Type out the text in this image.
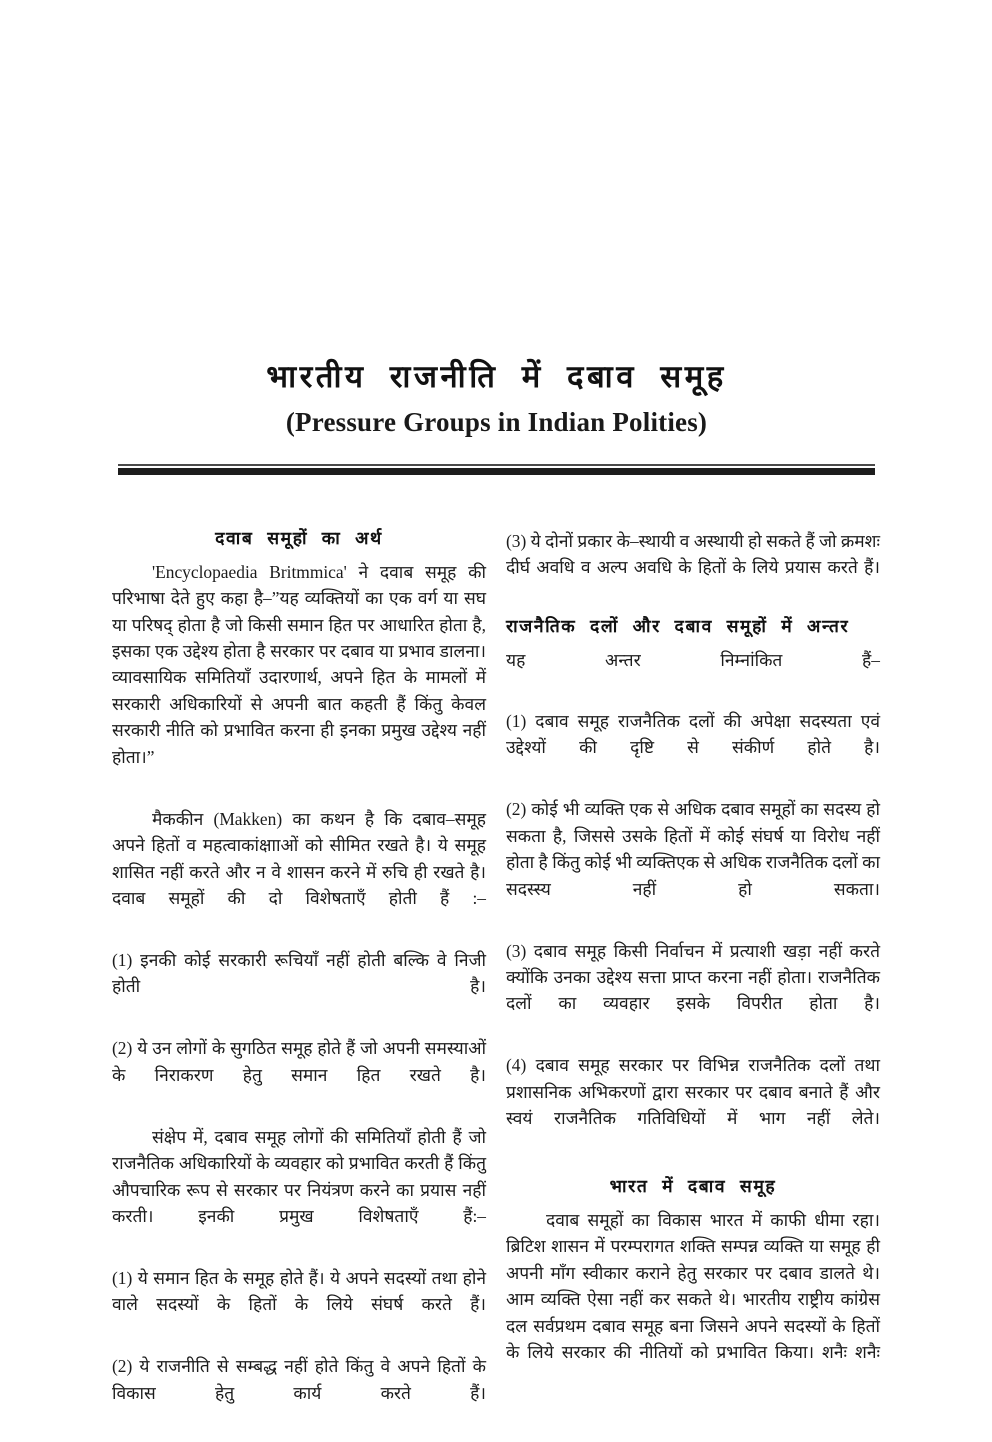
भारतीय राजनीति में दबाव समूह
(Pressure Groups in Indian Polities)
दवाब समूहों का अर्थ

'Encyclopaedia Britmmica' ने दवाब समूह की परिभाषा देते हुए कहा है–”यह व्यक्तियों का एक वर्ग या सघ या परिषद् होता है जो किसी समान हित पर आधारित होता है, इसका एक उद्देश्य होता है सरकार पर दबाव या प्रभाव डालना। व्यावसायिक समितियाँ उदारणार्थ, अपने हित के मामलों में सरकारी अधिकारियों से अपनी बात कहती हैं किंतु केवल सरकारी नीति को प्रभावित करना ही इनका प्रमुख उद्देश्य नहीं होता।”

मैककीन (Makken) का कथन है कि दबाव–समूह अपने हितों व महत्वाकांक्षााओं को सीमित रखते है। ये समूह शासित नहीं करते और न वे शासन करने में रुचि ही रखते है। दवाब समूहों की दो विशेषताएँ होती हैं :–

(1) इनकी कोई सरकारी रूचियाँ नहीं होती बल्कि वे निजी होती है।

(2) ये उन लोगों के सुगठित समूह होते हैं जो अपनी समस्याओं के निराकरण हेतु समान हित रखते है।

संक्षेप में, दबाव समूह लोगों की समितियाँ होती हैं जो राजनैतिक अधिकारियों के व्यवहार को प्रभावित करती हैं किंतु औपचारिक रूप से सरकार पर नियंत्रण करने का प्रयास नहीं करती। इनकी प्रमुख विशेषताएँ हैं:–

(1) ये समान हित के समूह होते हैं। ये अपने सदस्यों तथा होने वाले सदस्यों के हितों के लिये संघर्ष करते हैं।

(2) ये राजनीति से सम्बद्ध नहीं होते किंतु वे अपने हितों के विकास हेतु कार्य करते हैं।

(3) ये दोनों प्रकार के–स्थायी व अस्थायी हो सकते हैं जो क्रमशः दीर्घ अवधि व अल्प अवधि के हितों के लिये प्रयास करते हैं।

राजनैतिक दलों और दबाव समूहों में अन्तर

यह अन्तर निम्नांकित हैं–

(1) दबाव समूह राजनैतिक दलों की अपेक्षा सदस्यता एवं उद्देश्यों की दृष्टि से संकीर्ण होते है।

(2) कोई भी व्यक्ति एक से अधिक दबाव समूहों का सदस्य हो सकता है, जिससे उसके हितों में कोई संघर्ष या विरोध नहीं होता है किंतु कोई भी व्यक्तिएक से अधिक राजनैतिक दलों का सदस्स्य नहीं हो सकता।

(3) दबाव समूह किसी निर्वाचन में प्रत्याशी खड़ा नहीं करते क्योंकि उनका उद्देश्य सत्ता प्राप्त करना नहीं होता। राजनैतिक दलों का व्यवहार इसके विपरीत होता है।

(4) दबाव समूह सरकार पर विभिन्न राजनैतिक दलों तथा प्रशासनिक अभिकरणों द्वारा सरकार पर दबाव बनाते हैं और स्वयं राजनैतिक गतिविधियों में भाग नहीं लेते।

भारत में दबाव समूह

दवाब समूहों का विकास भारत में काफी धीमा रहा। ब्रिटिश शासन में परम्परागत शक्ति सम्पन्न व्यक्ति या समूह ही अपनी माँग स्वीकार कराने हेतु सरकार पर दबाव डालते थे। आम व्यक्ति ऐसा नहीं कर सकते थे। भारतीय राष्ट्रीय कांग्रेस दल सर्वप्रथम दबाव समूह बना जिसने अपने सदस्यों के हितों के लिये सरकार की नीतियों को प्रभावित किया। शनैः शनैः
